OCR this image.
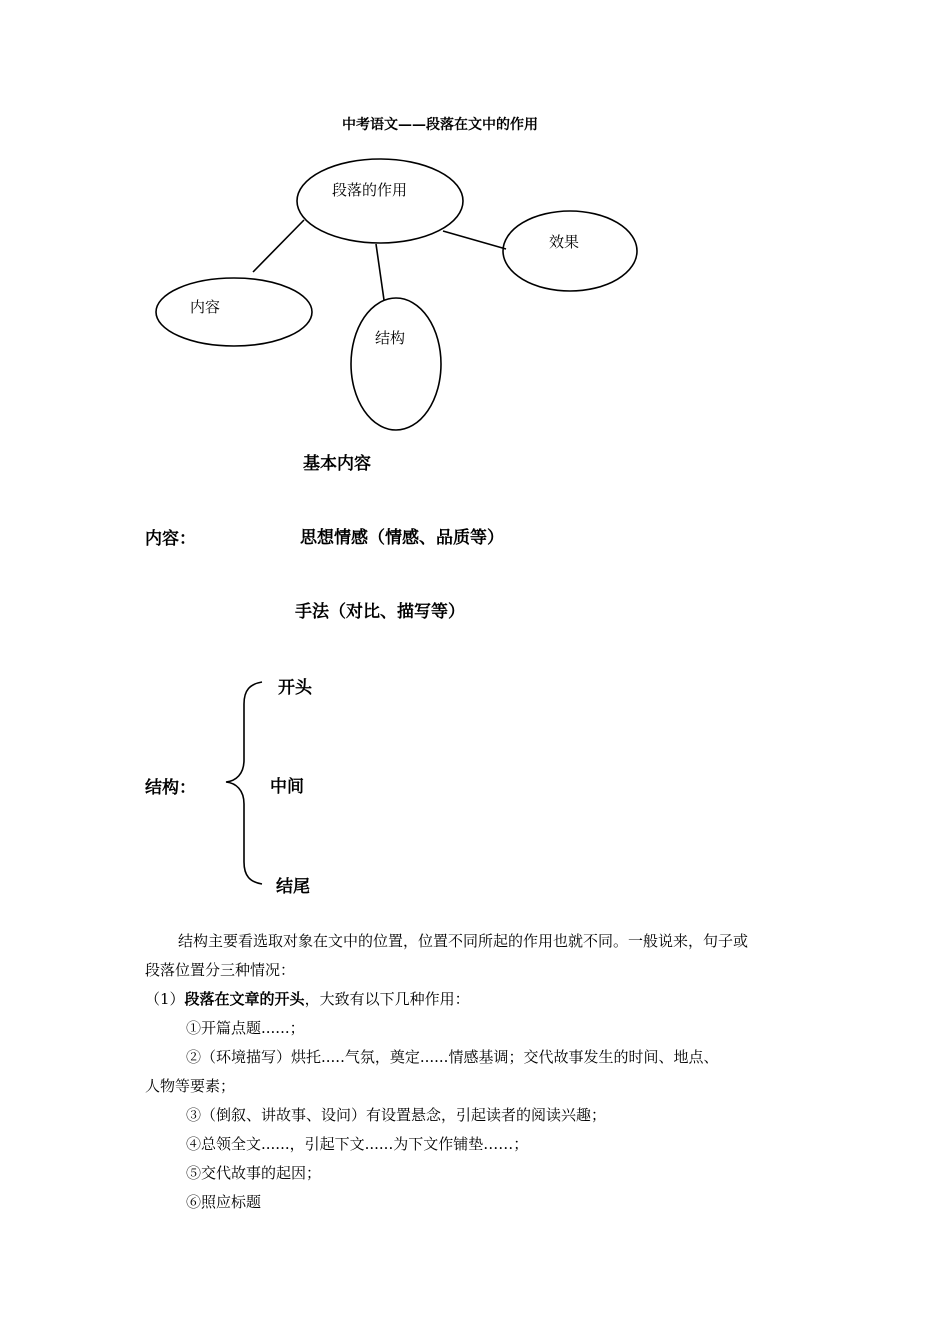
中考语文——段落在文中的作用
段落的作用
效果
内容
结构
内容：
基本内容
思想情感（情感、品质等）
手法（对比、描写等）
结构：
开头
中间
结尾
结构主要看选取对象在文中的位置，位置不同所起的作用也就不同。一般说来，句子或
段落位置分三种情况：
（1）段落在文章的开头，大致有以下几种作用：
①开篇点题......；
②（环境描写）烘托.....气氛，奠定......情感基调；交代故事发生的时间、地点、
人物等要素；
③（倒叙、讲故事、设问）有设置悬念，引起读者的阅读兴趣；
④总领全文......，引起下文......为下文作铺垫……；
⑤交代故事的起因；
⑥照应标题
